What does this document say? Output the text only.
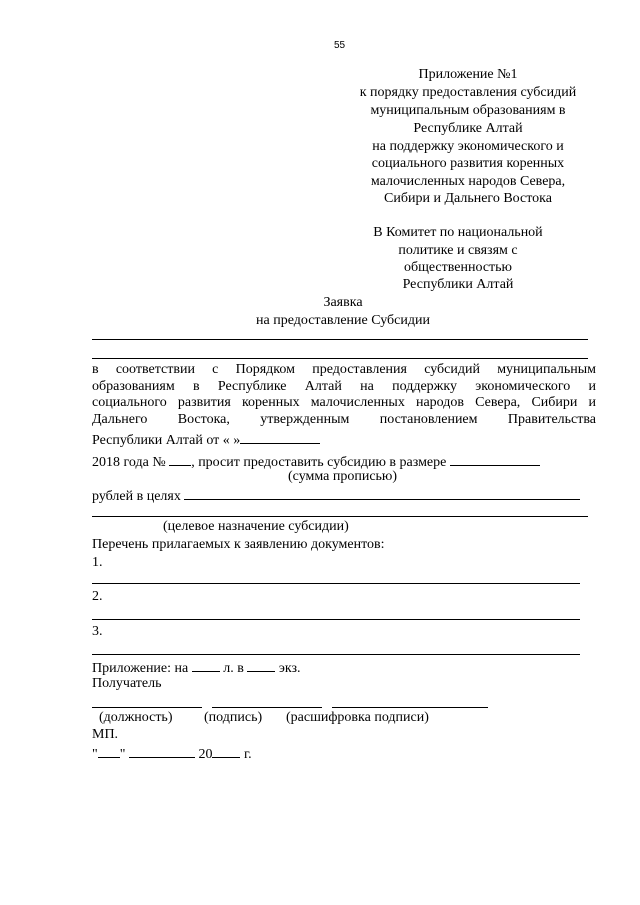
55
Приложение №1
к порядку предоставления субсидий
муниципальным образованиям в
Республике Алтай
на поддержку экономического и
социального развития коренных
малочисленных народов Севера,
Сибири и Дальнего Востока
В Комитет по национальной
политике и связям с
общественностью
Республики Алтай
Заявка
на предоставление Субсидии
в соответствии с Порядком предоставления субсидий муниципальным
образованиям в Республике Алтай на поддержку экономического и
социального развития коренных малочисленных народов Севера, Сибири и
Дальнего Востока, утвержденным постановлением Правительства
Республики Алтай от « »
2018 года № , просит предоставить субсидию в размере
(сумма прописью)
рублей в целях
(целевое назначение субсидии)
Перечень прилагаемых к заявлению документов:
1.
2.
3.
Приложение: на	л. в	экз.
Получатель
(должность) (подпись) (расшифровка подписи)
МП.
" "	20 г.
